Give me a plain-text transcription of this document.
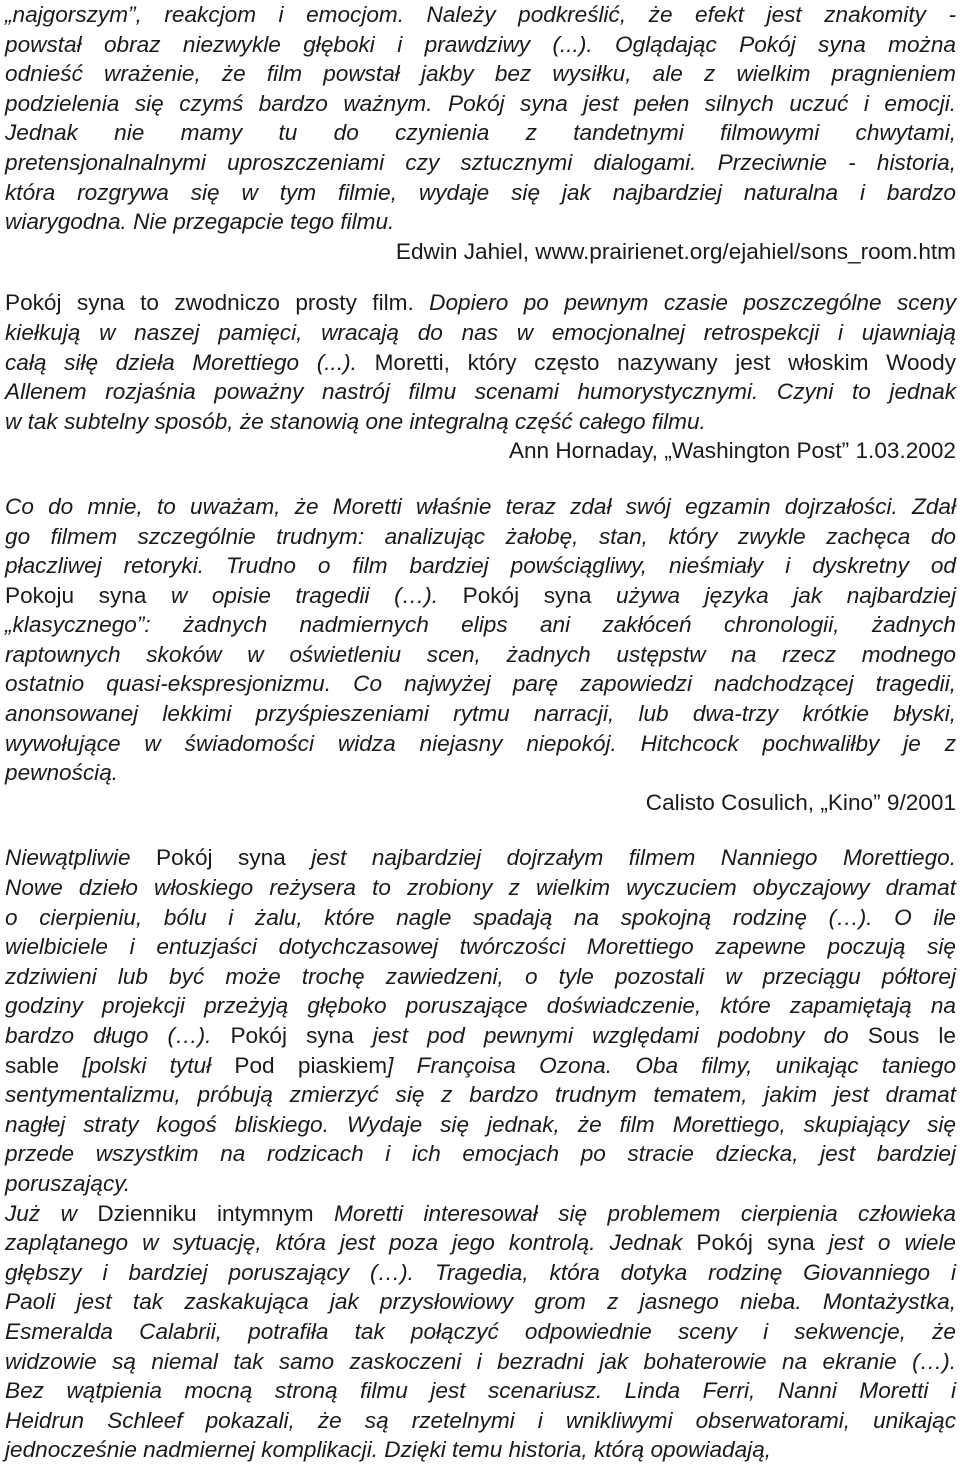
„najgorszym”, reakcjom i emocjom. Należy podkreślić, że efekt jest znakomity -
powstał obraz niezwykle głęboki i prawdziwy (...). Oglądając Pokój syna można
odnieść wrażenie, że film powstał jakby bez wysiłku, ale z wielkim pragnieniem
podzielenia się czymś bardzo ważnym. Pokój syna jest pełen silnych uczuć i emocji.
Jednak nie mamy tu do czynienia z tandetnymi filmowymi chwytami,
pretensjonalnalnymi uproszczeniami czy sztucznymi dialogami. Przeciwnie - historia,
która rozgrywa się w tym filmie, wydaje się jak najbardziej naturalna i bardzo
wiarygodna. Nie przegapcie tego filmu.
Edwin Jahiel, www.prairienet.org/ejahiel/sons_room.htm
Pokój syna to zwodniczo prosty film. Dopiero po pewnym czasie poszczególne sceny
kiełkują w naszej pamięci, wracają do nas w emocjonalnej retrospekcji i ujawniają
całą siłę dzieła Morettiego (...). Moretti, który często nazywany jest włoskim Woody
Allenem rozjaśnia poważny nastrój filmu scenami humorystycznymi. Czyni to jednak
w tak subtelny sposób, że stanowią one integralną część całego filmu.
Ann Hornaday, „Washington Post” 1.03.2002
Co do mnie, to uważam, że Moretti właśnie teraz zdał swój egzamin dojrzałości. Zdał
go filmem szczególnie trudnym: analizując żałobę, stan, który zwykle zachęca do
płaczliwej retoryki. Trudno o film bardziej powściągliwy, nieśmiały i dyskretny od
Pokoju syna w opisie tragedii (…). Pokój syna używa języka jak najbardziej
„klasycznego”: żadnych nadmiernych elips ani zakłóceń chronologii, żadnych
raptownych skoków w oświetleniu scen, żadnych ustępstw na rzecz modnego
ostatnio quasi-ekspresjonizmu. Co najwyżej parę zapowiedzi nadchodzącej tragedii,
anonsowanej lekkimi przyśpieszeniami rytmu narracji, lub dwa-trzy krótkie błyski,
wywołujące w świadomości widza niejasny niepokój. Hitchcock pochwaliłby je z
pewnością.
Calisto Cosulich, „Kino” 9/2001
Niewątpliwie Pokój syna jest najbardziej dojrzałym filmem Nanniego Morettiego.
Nowe dzieło włoskiego reżysera to zrobiony z wielkim wyczuciem obyczajowy dramat
o cierpieniu, bólu i żalu, które nagle spadają na spokojną rodzinę (…). O ile
wielbiciele i entuzjaści dotychczasowej twórczości Morettiego zapewne poczują się
zdziwieni lub być może trochę zawiedzeni, o tyle pozostali w przeciągu półtorej
godziny projekcji przeżyją głęboko poruszające doświadczenie, które zapamiętają na
bardzo długo (…). Pokój syna jest pod pewnymi względami podobny do Sous le
sable [polski tytuł Pod piaskiem] Françoisa Ozona. Oba filmy, unikając taniego
sentymentalizmu, próbują zmierzyć się z bardzo trudnym tematem, jakim jest dramat
nagłej straty kogoś bliskiego. Wydaje się jednak, że film Morettiego, skupiający się
przede wszystkim na rodzicach i ich emocjach po stracie dziecka, jest bardziej
poruszający.
Już w Dzienniku intymnym Moretti interesował się problemem cierpienia człowieka
zaplątanego w sytuację, która jest poza jego kontrolą. Jednak Pokój syna jest o wiele
głębszy i bardziej poruszający (…). Tragedia, która dotyka rodzinę Giovanniego i
Paoli jest tak zaskakująca jak przysłowiowy grom z jasnego nieba. Montażystka,
Esmeralda Calabrii, potrafiła tak połączyć odpowiednie sceny i sekwencje, że
widzowie są niemal tak samo zaskoczeni i bezradni jak bohaterowie na ekranie (…).
Bez wątpienia mocną stroną filmu jest scenariusz. Linda Ferri, Nanni Moretti i
Heidrun Schleef pokazali, że są rzetelnymi i wnikliwymi obserwatorami, unikając
jednocześnie nadmiernej komplikacji. Dzięki temu historia, którą opowiadają,
